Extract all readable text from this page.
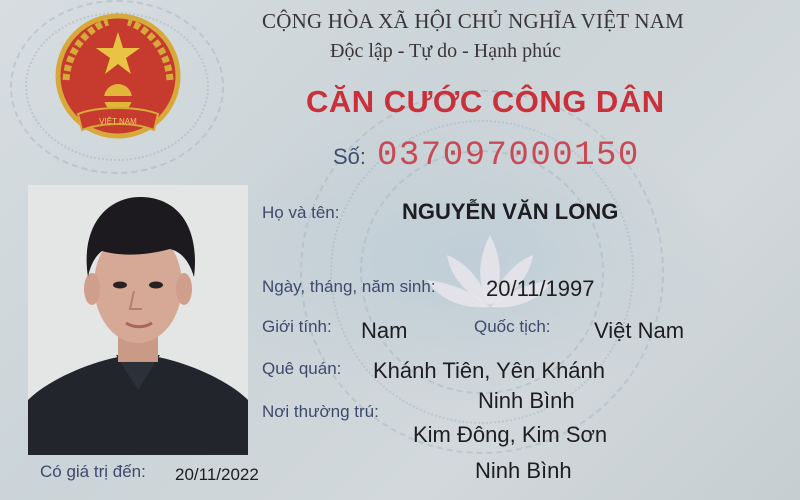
VIỆT NAM
CỘNG HÒA XÃ HỘI CHỦ NGHĨA VIỆT NAM
Độc lập - Tự do - Hạnh phúc
CĂN CƯỚC CÔNG DÂN
Số: 037097000150
Họ và tên:	NGUYỄN VĂN LONG
Ngày, tháng, năm sinh: 20/11/1997
Giới tính: Nam	Quốc tịch: Việt Nam
Quê quán: Khánh Tiên, Yên Khánh
Ninh Bình
Nơi thường trú:
Kim Đông, Kim Sơn
Ninh Bình
Có giá trị đến: 20/11/2022
